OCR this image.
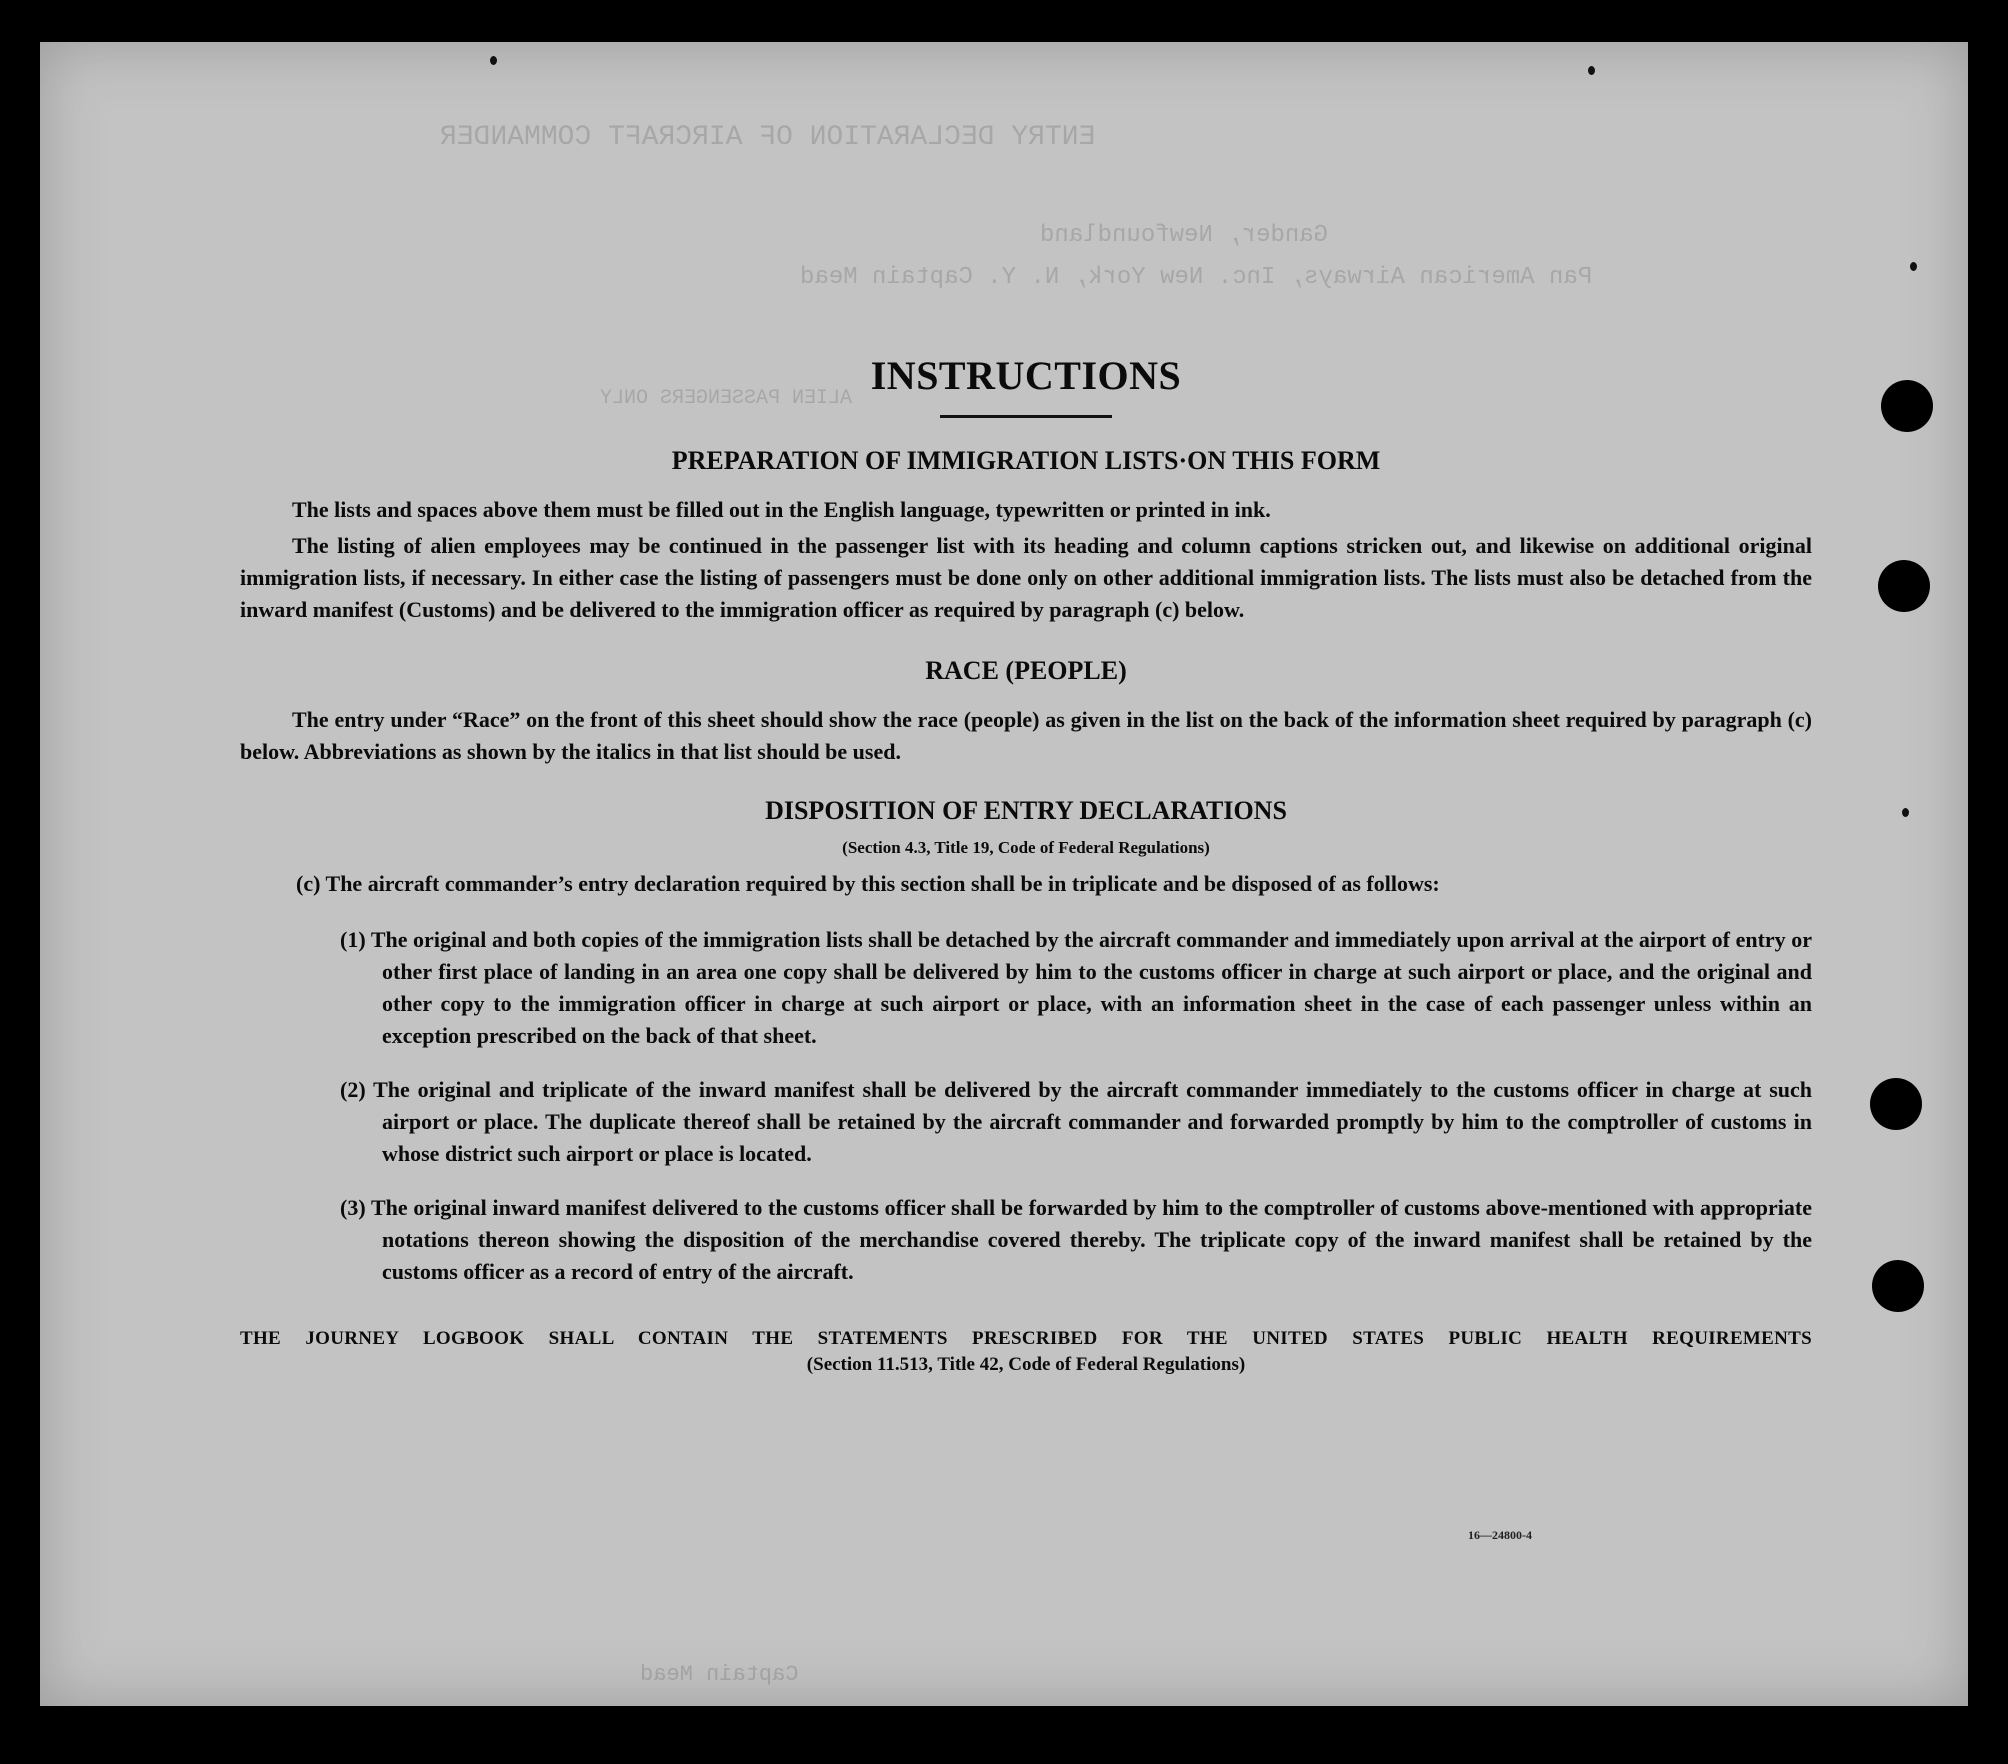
ENTRY DECLARATION OF AIRCRAFT COMMANDER
Gander, Newfoundland
Pan American Airways, Inc. New York, N. Y. Captain Mead
ALIEN PASSENGERS ONLY
Captain Mead
INSTRUCTIONS
PREPARATION OF IMMIGRATION LISTS·ON THIS FORM

The lists and spaces above them must be filled out in the English language, typewritten or printed in ink.

The listing of alien employees may be continued in the passenger list with its heading and column captions stricken out, and likewise on additional original immigration lists, if necessary. In either case the listing of passengers must be done only on other additional immigration lists. The lists must also be detached from the inward manifest (Customs) and be delivered to the immigration officer as required by paragraph (c) below.

RACE (PEOPLE)

The entry under “Race” on the front of this sheet should show the race (people) as given in the list on the back of the information sheet required by paragraph (c) below. Abbreviations as shown by the italics in that list should be used.

DISPOSITION OF ENTRY DECLARATIONS
(Section 4.3, Title 19, Code of Federal Regulations)
(c) The aircraft commander’s entry declaration required by this section shall be in triplicate and be disposed of as follows:
(1) The original and both copies of the immigration lists shall be detached by the aircraft commander and immediately upon arrival at the airport of entry or other first place of landing in an area one copy shall be delivered by him to the customs officer in charge at such airport or place, and the original and other copy to the immigration officer in charge at such airport or place, with an information sheet in the case of each passenger unless within an exception prescribed on the back of that sheet.
(2) The original and triplicate of the inward manifest shall be delivered by the aircraft commander immediately to the customs officer in charge at such airport or place. The duplicate thereof shall be retained by the aircraft commander and forwarded promptly by him to the comptroller of customs in whose district such airport or place is located.
(3) The original inward manifest delivered to the customs officer shall be forwarded by him to the comptroller of customs above-mentioned with appropriate notations thereon showing the disposition of the merchandise covered thereby. The triplicate copy of the inward manifest shall be retained by the customs officer as a record of entry of the aircraft.
THE JOURNEY LOGBOOK SHALL CONTAIN THE STATEMENTS PRESCRIBED FOR THE UNITED STATES PUBLIC HEALTH REQUIREMENTS
(Section 11.513, Title 42, Code of Federal Regulations)
16—24800-4
